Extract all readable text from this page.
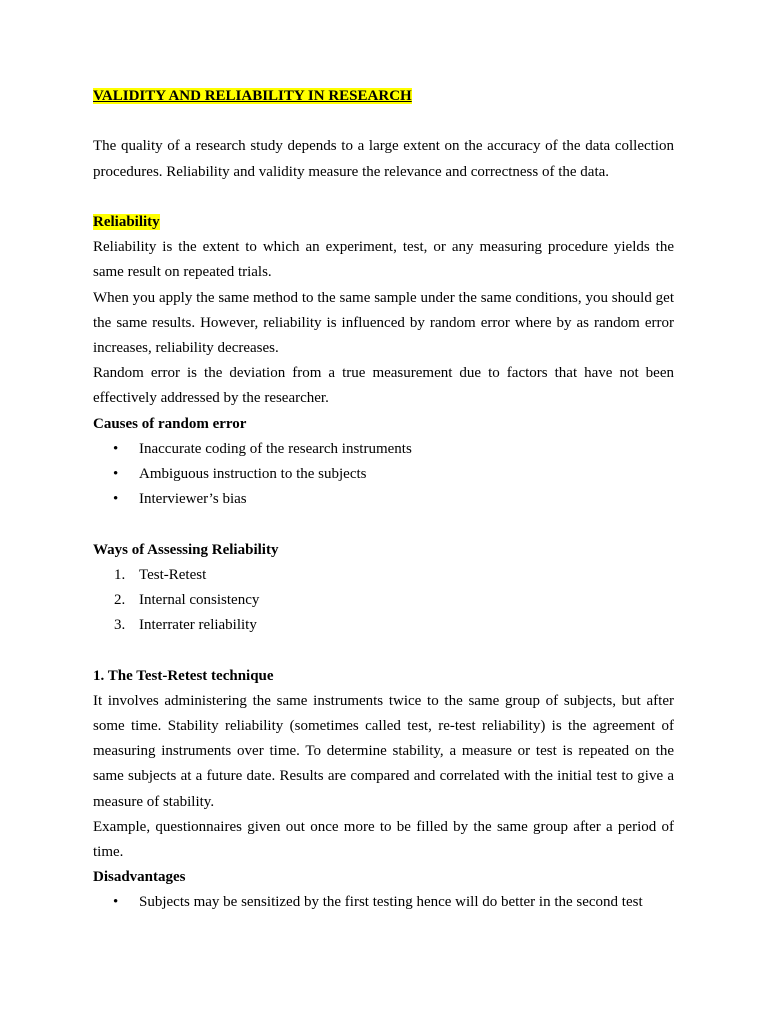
VALIDITY AND RELIABILITY IN RESEARCH

The quality of a research study depends to a large extent on the accuracy of the data collection procedures. Reliability and validity measure the relevance and correctness of the data.

Reliability

Reliability is the extent to which an experiment, test, or any measuring procedure yields the same result on repeated trials.

When you apply the same method to the same sample under the same conditions, you should get the same results. However, reliability is influenced by random error where by as random error increases, reliability decreases.

Random error is the deviation from a true measurement due to factors that have not been effectively addressed by the researcher.

Causes of random error

• Inaccurate coding of the research instruments
• Ambiguous instruction to the subjects
• Interviewer’s bias

Ways of Assessing Reliability

1. Test-Retest
2. Internal consistency
3. Interrater reliability

1. The Test-Retest technique

It involves administering the same instruments twice to the same group of subjects, but after some time. Stability reliability (sometimes called test, re-test reliability) is the agreement of measuring instruments over time. To determine stability, a measure or test is repeated on the same subjects at a future date. Results are compared and correlated with the initial test to give a measure of stability.

Example, questionnaires given out once more to be filled by the same group after a period of time.

Disadvantages

• Subjects may be sensitized by the first testing hence will do better in the second test
